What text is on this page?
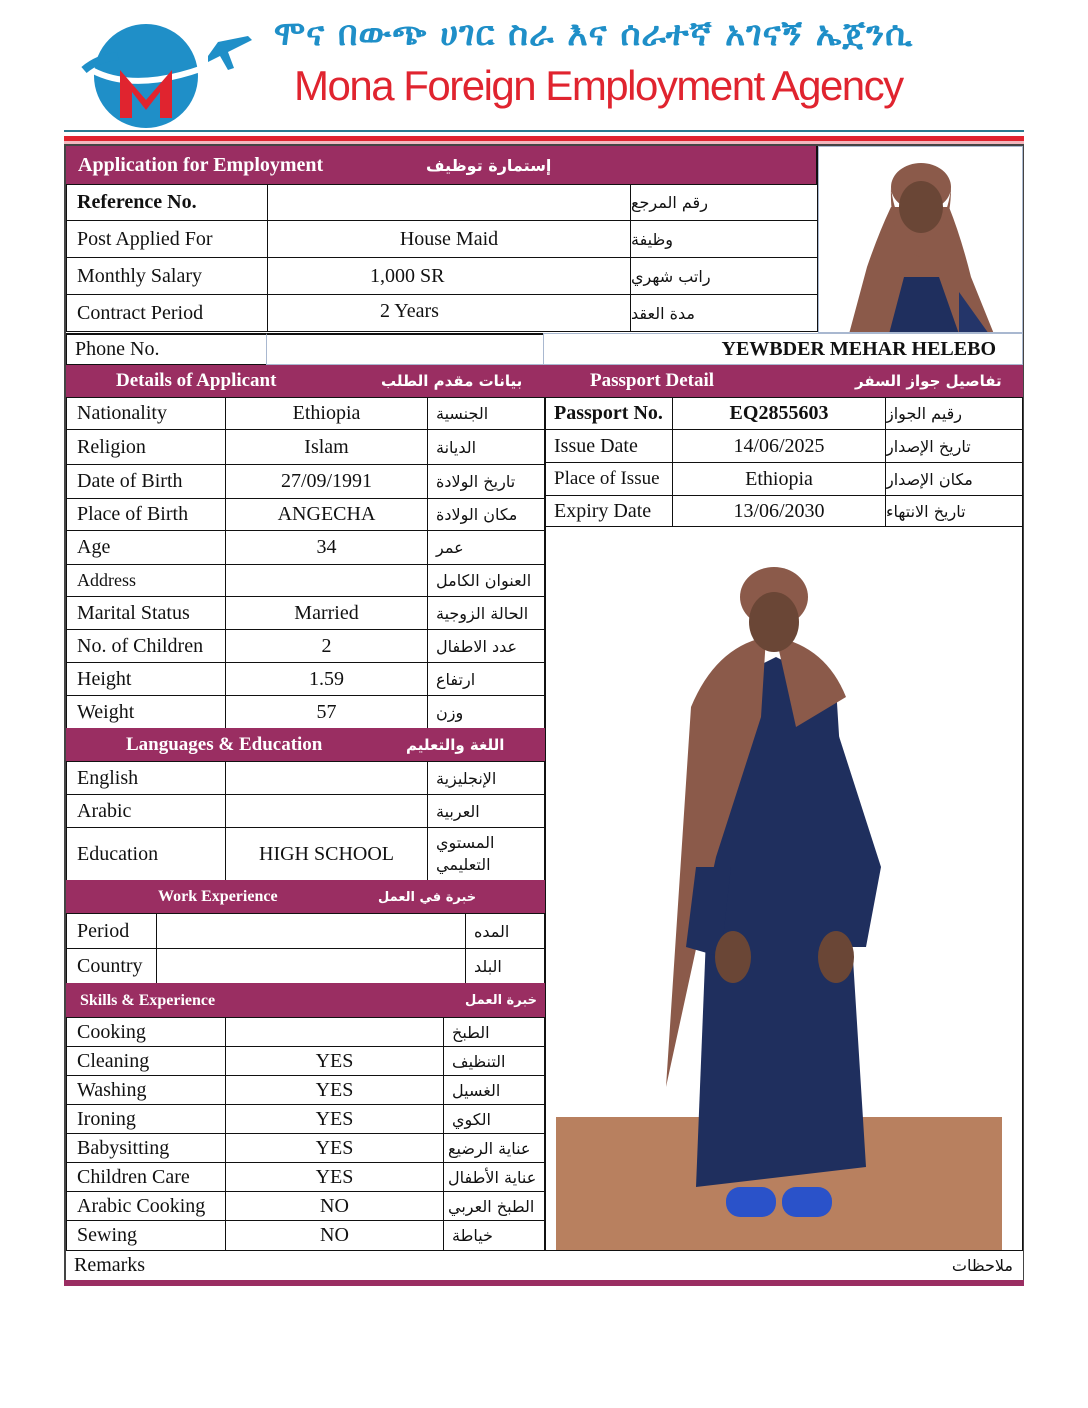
ሞና በውጭ ሀገር ስራ እና ሰራተኛ አገናኝ ኤጀንሲ
Mona Foreign Employment Agency
Application for Employment	إستمارة توظيف
Reference No.	رقم المرجع
Post Applied For	House Maid	وظيفة
Monthly Salary	1,000 SR	راتب شهري
Contract Period	2 Years	مدة العقد
Phone No.	YEWBDER MEHAR HELEBO
Details of Applicant	بيانات مقدم الطلب	Passport Detail	تفاصيل جواز السفر
Nationality	Ethiopia	الجنسية
Religion	Islam	الديانة
Date of Birth	27/09/1991	تاريخ الولادة
Place of Birth	ANGECHA	مكان الولادة
Age	34	عمر
Address	العنوان الكامل
Marital Status	Married	الحالة الزوجية
No. of Children	2	عدد الاطفال
Height	1.59	ارتفاع
Weight	57	وزن
Passport No.	EQ2855603	رقيم الجواز
Issue Date	14/06/2025	تاريخ الإصدار
Place of Issue	Ethiopia	مكان الإصدار
Expiry Date	13/06/2030	تاريخ الانتهاء
Languages & Education	اللغة والتعليم
English	الإنجليزية
Arabic	العربية
Education	HIGH SCHOOL	المستوي التعليمي
Work Experience	خبرة في العمل
Period	المده
Country	البلد
Skills & Experience	خبرة العمل
Cooking	الطبخ
Cleaning	YES	التنظيف
Washing	YES	الغسيل
Ironing	YES	الكوي
Babysitting	YES	عناية الرضيع
Children Care	YES	عناية الأطفال
Arabic Cooking	NO	الطبخ العربي
Sewing	NO	خياطة
Remarks	ملاحظات
